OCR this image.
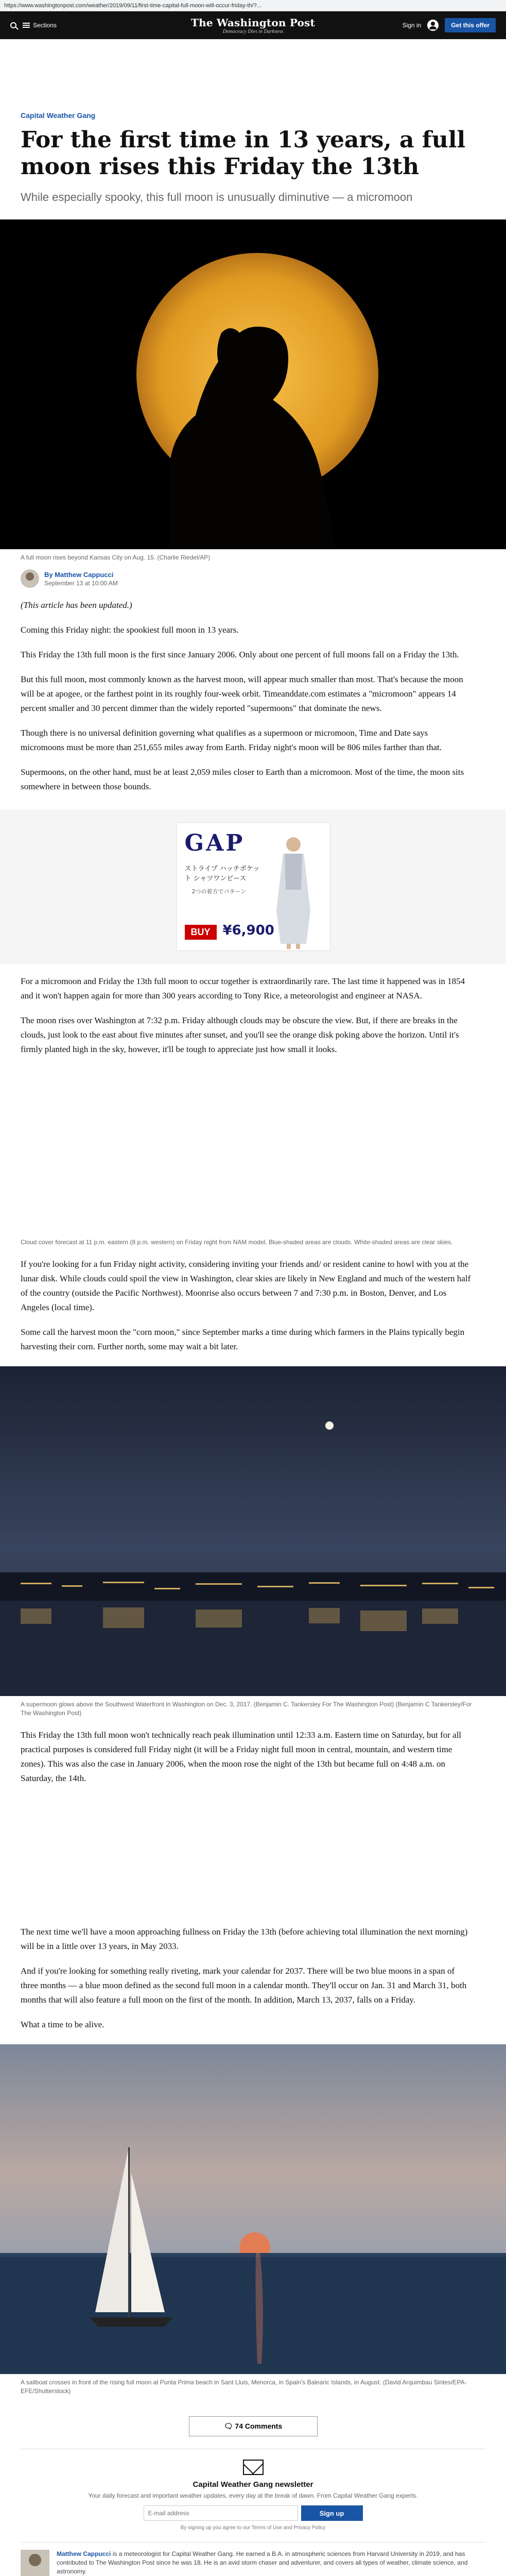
https://www.washingtonpost.com/weather/2019/09/11/first-time-capital-full-moon-will-occur-friday-th/?...
Sections	The Washington Post
Democracy Dies in Darkness
Sign in	Get this offer
Capital Weather Gang
For the first time in 13 years, a full moon rises this Friday the 13th
While especially spooky, this full moon is unusually diminutive — a micromoon
A full moon rises beyond Kansas City on Aug. 15. (Charlie Riedel/AP)
By Matthew Cappucci
September 13 at 10:00 AM

(This article has been updated.)

Coming this Friday night: the spookiest full moon in 13 years.

This Friday the 13th full moon is the first since January 2006. Only about one percent of full moons fall on a Friday the 13th.

But this full moon, most commonly known as the harvest moon, will appear much smaller than most. That's because the moon will be at apogee, or the farthest point in its roughly four-week orbit. Timeanddate.com estimates a "micromoon" appears 14 percent smaller and 30 percent dimmer than the widely reported "supermoons" that dominate the news.

Though there is no universal definition governing what qualifies as a supermoon or micromoon, Time and Date says micromoons must be more than 251,655 miles away from Earth. Friday night's moon will be 806 miles farther than that.

Supermoons, on the other hand, must be at least 2,059 miles closer to Earth than a micromoon. Most of the time, the moon sits somewhere in between those bounds.

GAP
ストライプ ハッチポケット シャツワンピース
2つの着方でパターン
BUY ¥6,900

For a micromoon and Friday the 13th full moon to occur together is extraordinarily rare. The last time it happened was in 1854 and it won't happen again for more than 300 years according to Tony Rice, a meteorologist and engineer at NASA.

The moon rises over Washington at 7:32 p.m. Friday although clouds may be obscure the view. But, if there are breaks in the clouds, just look to the east about five minutes after sunset, and you'll see the orange disk poking above the horizon. Until it's firmly planted high in the sky, however, it'll be tough to appreciate just how small it looks.

Cloud cover forecast at 11 p.m. eastern (8 p.m. western) on Friday night from NAM model. Blue-shaded areas are clouds. White-shaded areas are clear skies.

If you're looking for a fun Friday night activity, considering inviting your friends and/ or resident canine to howl with you at the lunar disk. While clouds could spoil the view in Washington, clear skies are likely in New England and much of the western half of the country (outside the Pacific Northwest). Moonrise also occurs between 7 and 7:30 p.m. in Boston, Denver, and Los Angeles (local time).

Some call the harvest moon the "corn moon," since September marks a time during which farmers in the Plains typically begin harvesting their corn. Further north, some may wait a bit later.

A supermoon glows above the Southwest Waterfront in Washington on Dec. 3, 2017. (Benjamin C. Tankersley For The Washington Post) (Benjamin C Tankersley/For The Washington Post)

This Friday the 13th full moon won't technically reach peak illumination until 12:33 a.m. Eastern time on Saturday, but for all practical purposes is considered full Friday night (it will be a Friday night full moon in central, mountain, and western time zones). This was also the case in January 2006, when the moon rose the night of the 13th but became full on 4:48 a.m. on Saturday, the 14th.

The next time we'll have a moon approaching fullness on Friday the 13th (before achieving total illumination the next morning) will be in a little over 13 years, in May 2033.

And if you're looking for something really riveting, mark your calendar for 2037. There will be two blue moons in a span of three months — a blue moon defined as the second full moon in a calendar month. They'll occur on Jan. 31 and March 31, both months that will also feature a full moon on the first of the month. In addition, March 13, 2037, falls on a Friday.

What a time to be alive.

A sailboat crosses in front of the rising full moon at Punta Prima beach in Sant Lluis, Menorca, in Spain's Balearic Islands, in August. (David Arquimbau Sintes/EPA-EFE/Shutterstock)
🗨 74 Comments
Capital Weather Gang newsletter
Your daily forecast and important weather updates, every day at the break of dawn. From Capital Weather Gang experts.
E-mail address
Sign up
By signing up you agree to our Terms of Use and Privacy Policy
Matthew Cappucci is a meteorologist for Capital Weather Gang. He earned a B.A. in atmospheric sciences from Harvard University in 2019, and has contributed to The Washington Post since he was 18. He is an avid storm chaser and adventurer, and covers all types of weather, climate science, and astronomy.
